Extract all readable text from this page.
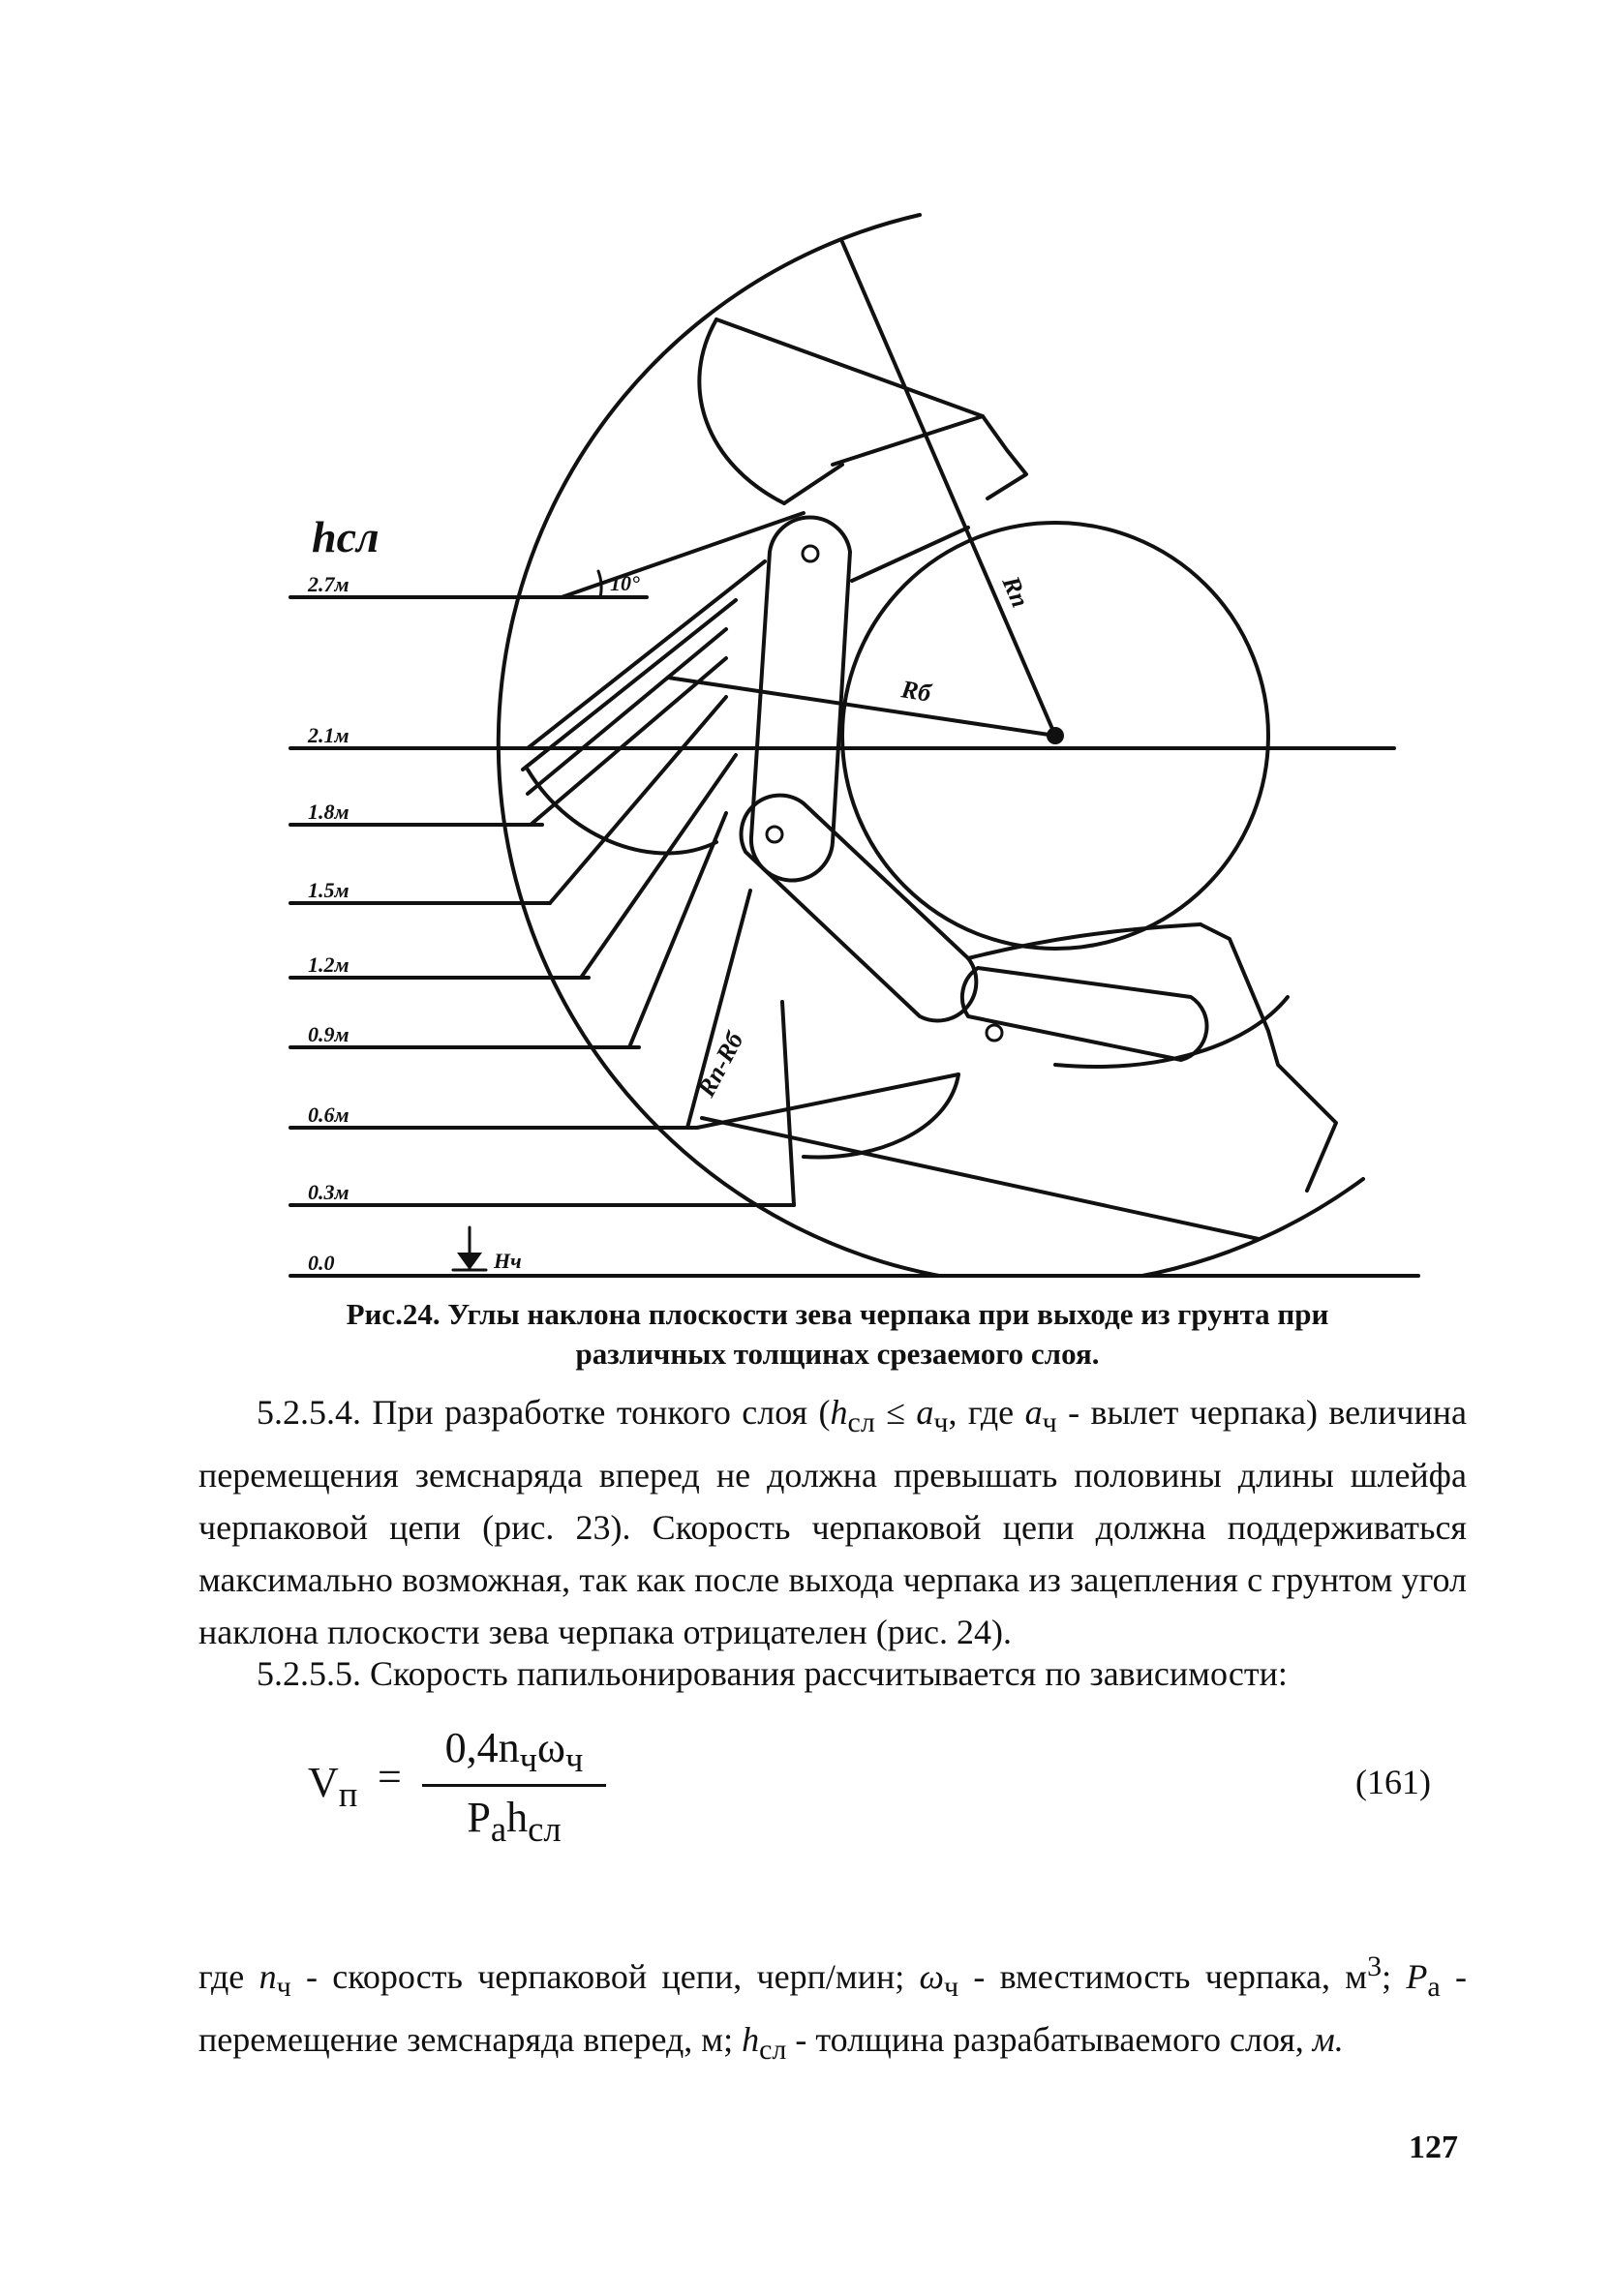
hсл
2.7м
2.1м
1.8м
1.5м
1.2м
0.9м
0.6м
0.3м
0.0	Hч
Rп
Rб
Rп-Rб
10°
Рис.24. Углы наклона плоскости зева черпака при выходе из грунта при
различных толщинах срезаемого слоя.
5.2.5.4. При разработке тонкого слоя ($h_{сл} \le a_ч$, где $a_ч$ - вылет черпака) величина перемещения земснаряда вперед не должна превышать половины длины шлейфа черпаковой цепи (рис. 23). Скорость черпаковой цепи должна поддерживаться максимально возможная, так как после выхода черпака из зацепления с грунтом угол наклона плоскости зева черпака отрицателен (рис. 24).
5.2.5.5. Скорость папильонирования рассчитывается по зависимости:
$V_п$ =
$0,4n_ч\omega_ч$
$P_аh_{сл}$
(161)
где $n_ч$ - скорость черпаковой цепи, черп/мин; $\omega_ч$ - вместимость черпака, $м^3$; $P_а$ - перемещение земснаряда вперед, м; $h_{сл}$ - толщина разрабатываемого слоя, м.
127
